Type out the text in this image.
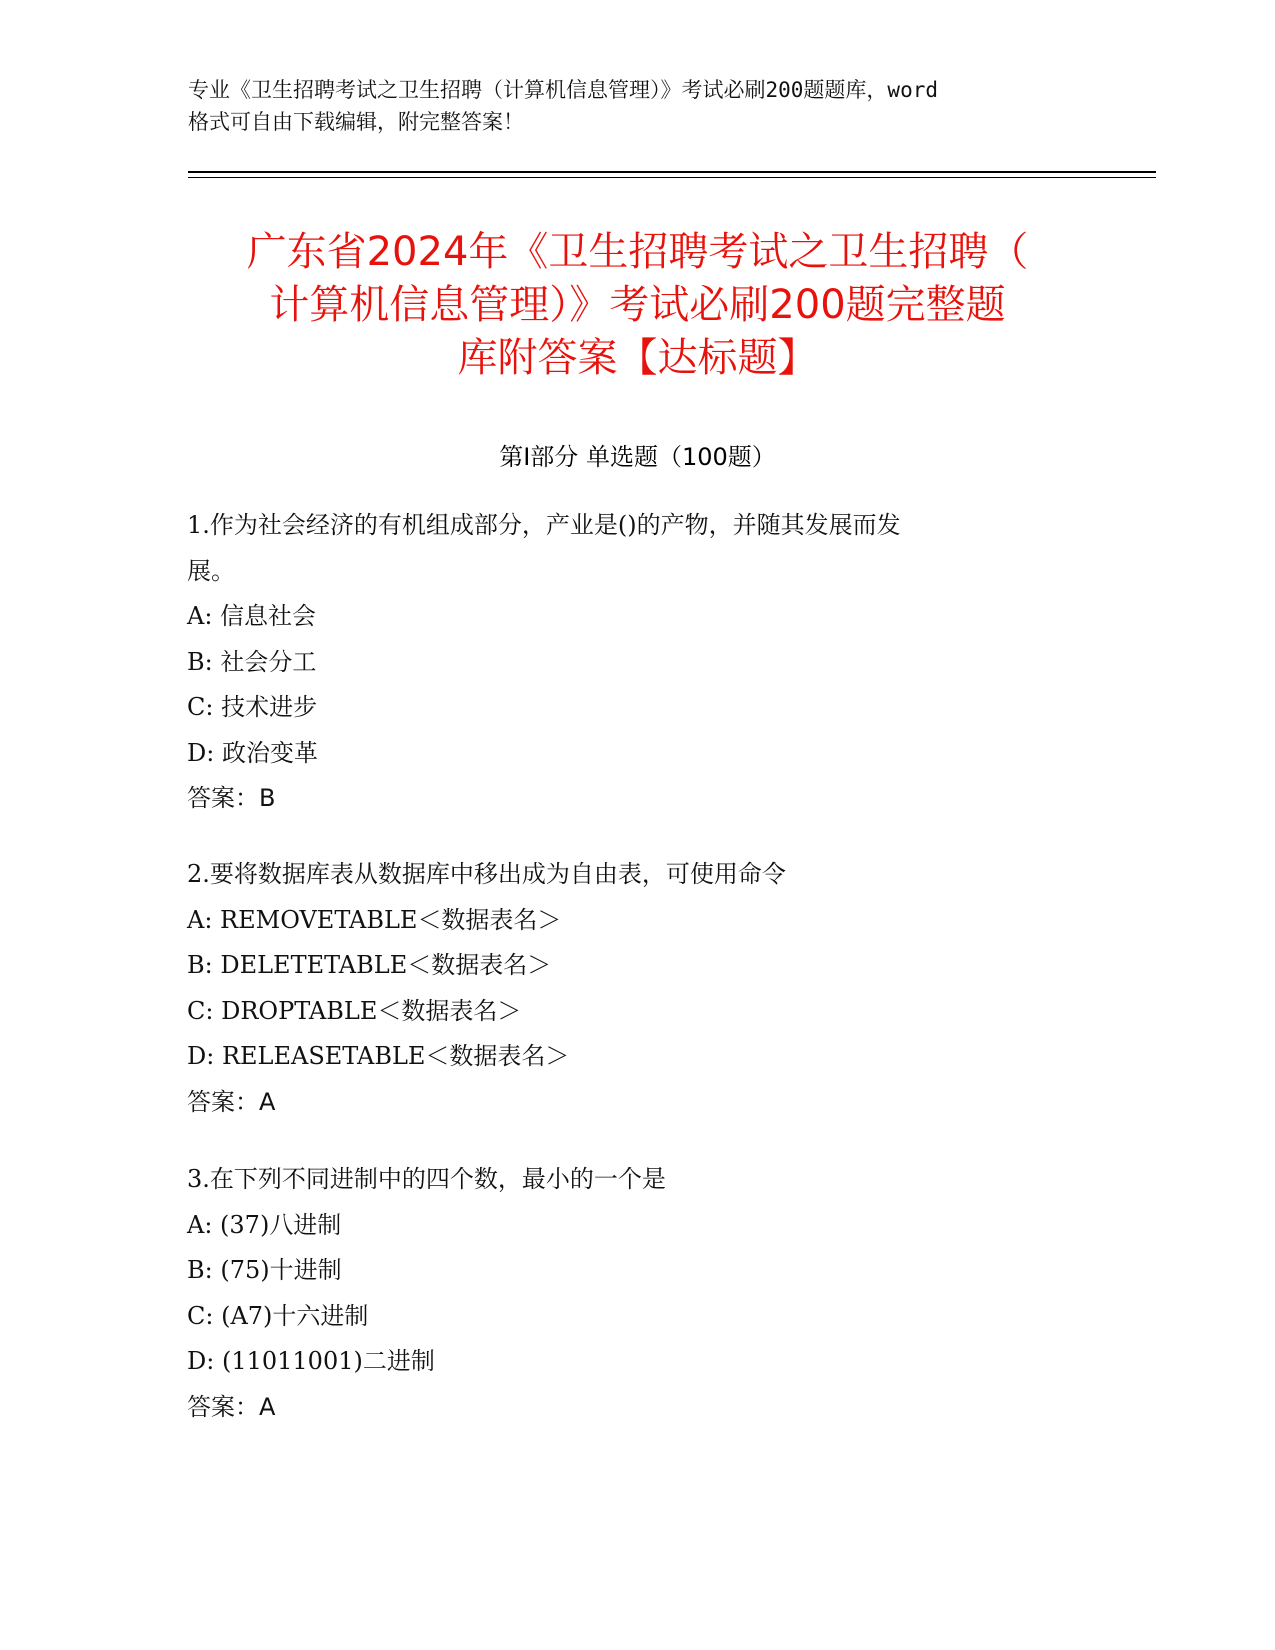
专业《卫生招聘考试之卫生招聘（计算机信息管理）》考试必刷200题题库，word
格式可自由下载编辑，附完整答案！
广东省2024年《卫生招聘考试之卫生招聘（
计算机信息管理）》考试必刷200题完整题
库附答案【达标题】
第Ⅰ部分 单选题（100题）
1.作为社会经济的有机组成部分，产业是()的产物，并随其发展而发
展。
A: 信息社会
B: 社会分工
C: 技术进步
D: 政治变革
答案：B
2.要将数据库表从数据库中移出成为自由表，可使用命令
A: REMOVETABLE＜数据表名＞
B: DELETETABLE＜数据表名＞
C: DROPTABLE＜数据表名＞
D: RELEASETABLE＜数据表名＞
答案：A
3.在下列不同进制中的四个数，最小的一个是
A: (37)八进制
B: (75)十进制
C: (A7)十六进制
D: (11011001)二进制
答案：A
